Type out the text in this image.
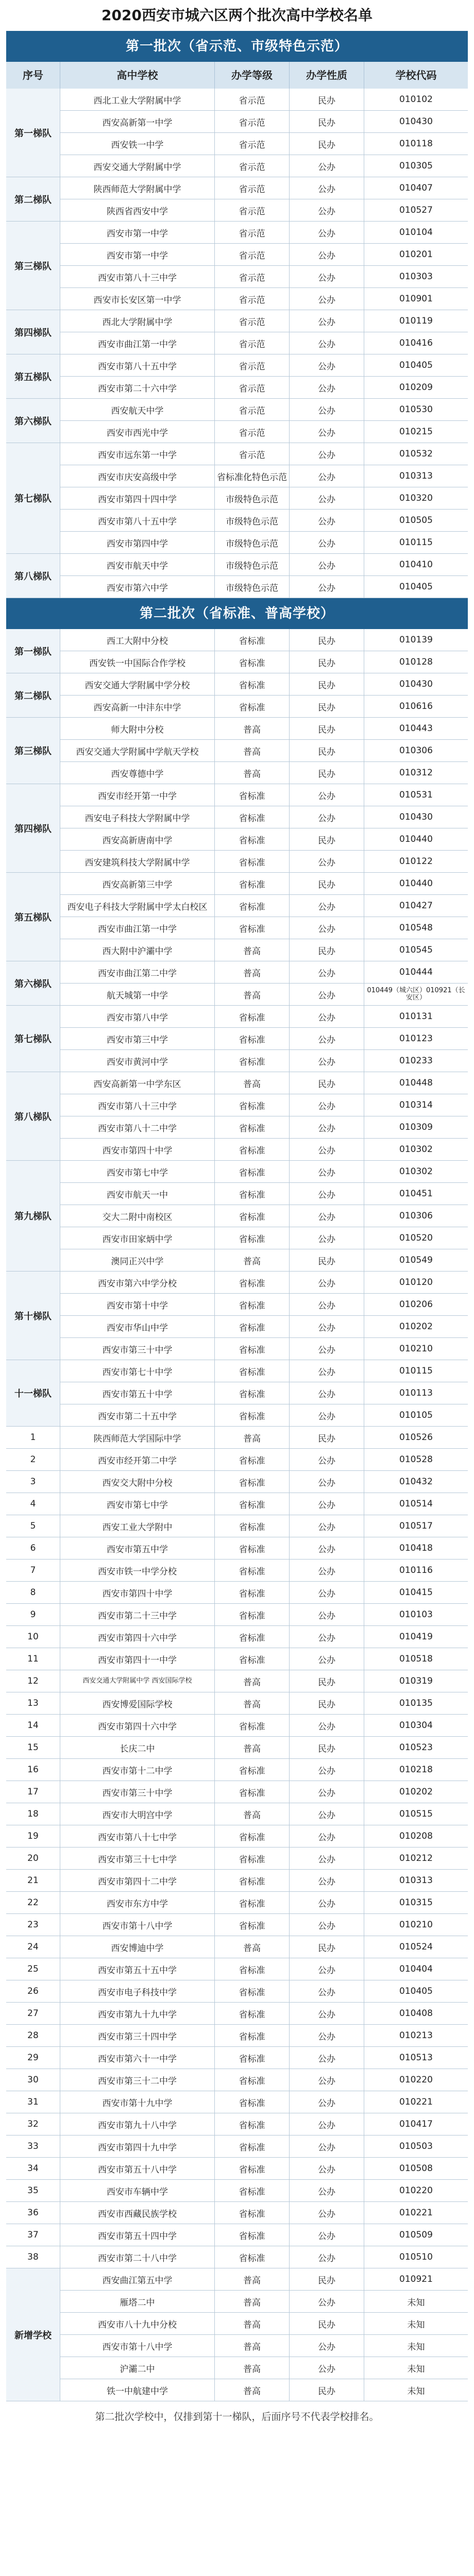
2020西安市城六区两个批次高中学校名单
第一批次（省示范、市级特色示范）
序号	高中学校	办学等级	办学性质	学校代码
第一梯队
西北工业大学附属中学	省示范	民办	010102
西安高新第一中学	省示范	民办	010430
西安铁一中学	省示范	民办	010118
西安交通大学附属中学	省示范	公办	010305
第二梯队
陕西师范大学附属中学	省示范	公办	010407
陕西省西安中学	省示范	公办	010527
第三梯队
西安市第一中学	省示范	公办	010104
西安市第一中学	省示范	公办	010201
西安市第八十三中学	省示范	公办	010303
西安市长安区第一中学	省示范	公办	010901
第四梯队
西北大学附属中学	省示范	公办	010119
西安市曲江第一中学	省示范	公办	010416
第五梯队
西安市第八十五中学	省示范	公办	010405
西安市第二十六中学	省示范	公办	010209
第六梯队
西安航天中学	省示范	公办	010530
西安市西光中学	省示范	公办	010215
第七梯队
西安市远东第一中学	省示范	公办	010532
西安市庆安高级中学	省标准化特色示范	公办	010313
西安市第四十四中学	市级特色示范	公办	010320
西安市第八十五中学	市级特色示范	公办	010505
西安市第四中学	市级特色示范	公办	010115
第八梯队
西安市航天中学	市级特色示范	公办	010410
西安市第六中学	市级特色示范	公办	010405
第二批次（省标准、普高学校）
第一梯队
西工大附中分校	省标准	民办	010139
西安铁一中国际合作学校	省标准	民办	010128
第二梯队
西安交通大学附属中学分校	省标准	民办	010430
西安高新一中沣东中学	省标准	民办	010616
第三梯队
师大附中分校	普高	民办	010443
西安交通大学附属中学航天学校	普高	民办	010306
西安尊德中学	普高	民办	010312
第四梯队
西安市经开第一中学	省标准	公办	010531
西安电子科技大学附属中学	省标准	公办	010430
西安高新唐南中学	省标准	民办	010440
西安建筑科技大学附属中学	省标准	公办	010122
第五梯队
西安高新第三中学	省标准	民办	010440
西安电子科技大学附属中学太白校区	省标准	公办	010427
西安市曲江第一中学	省标准	公办	010548
西大附中沪灞中学	普高	民办	010545
第六梯队
西安市曲江第二中学	普高	公办	010444
航天城第一中学	普高	公办	010449（城六区）010921（长安区）
第七梯队
西安市第八中学	省标准	公办	010131
西安市第三中学	省标准	公办	010123
西安市黄河中学	省标准	公办	010233
第八梯队
西安高新第一中学东区	普高	民办	010448
西安市第八十三中学	省标准	公办	010314
西安市第八十二中学	省标准	公办	010309
西安市第四十中学	省标准	公办	010302
第九梯队
西安市第七中学	省标准	公办	010302
西安市航天一中	省标准	公办	010451
交大二附中南校区	省标准	公办	010306
西安市田家炳中学	省标准	公办	010520
澳同正兴中学	普高	民办	010549
第十梯队
西安市第六中学分校	省标准	公办	010120
西安市第十中学	省标准	公办	010206
西安市华山中学	省标准	公办	010202
西安市第三十中学	省标准	公办	010210
十一梯队
西安市第七十中学	省标准	公办	010115
西安市第五十中学	省标准	公办	010113
西安市第二十五中学	省标准	公办	010105
1	陕西师范大学国际中学	普高	民办	010526
2	西安市经开第二中学	省标准	公办	010528
3	西安交大附中分校	省标准	公办	010432
4	西安市第七中学	省标准	公办	010514
5	西安工业大学附中	省标准	公办	010517
6	西安市第五中学	省标准	公办	010418
7	西安市铁一中学分校	省标准	公办	010116
8	西安市第四十中学	省标准	公办	010415
9	西安市第二十三中学	省标准	公办	010103
10	西安市第四十六中学	省标准	公办	010419
11	西安市第四十一中学	省标准	公办	010518
12	西安交通大学附属中学 西安国际学校	普高	民办	010319
13	西安博爱国际学校	普高	民办	010135
14	西安市第四十六中学	省标准	公办	010304
15	长庆二中	普高	民办	010523
16	西安市第十二中学	省标准	公办	010218
17	西安市第三十中学	省标准	公办	010202
18	西安市大明宫中学	普高	公办	010515
19	西安市第八十七中学	省标准	公办	010208
20	西安市第三十七中学	省标准	公办	010212
21	西安市第四十二中学	省标准	公办	010313
22	西安市东方中学	省标准	公办	010315
23	西安市第十八中学	省标准	公办	010210
24	西安博迪中学	普高	民办	010524
25	西安市第五十五中学	省标准	公办	010404
26	西安市电子科技中学	省标准	公办	010405
27	西安市第九十九中学	省标准	公办	010408
28	西安市第三十四中学	省标准	公办	010213
29	西安市第六十一中学	省标准	公办	010513
30	西安市第三十二中学	省标准	公办	010220
31	西安市第十九中学	省标准	公办	010221
32	西安市第九十八中学	省标准	公办	010417
33	西安市第四十九中学	省标准	公办	010503
34	西安市第五十八中学	省标准	公办	010508
35	西安市车辆中学	省标准	公办	010220
36	西安市西藏民族学校	省标准	公办	010221
37	西安市第五十四中学	省标准	公办	010509
38	西安市第二十八中学	省标准	公办	010510
新增学校
西安曲江第五中学	普高	民办	010921
雁塔二中	普高	公办	未知
西安市八十九中分校	普高	民办	未知
西安市第十八中学	普高	公办	未知
沪灞二中	普高	公办	未知
铁一中航建中学	普高	民办	未知
第二批次学校中，仅排到第十一梯队，后面序号不代表学校排名。
